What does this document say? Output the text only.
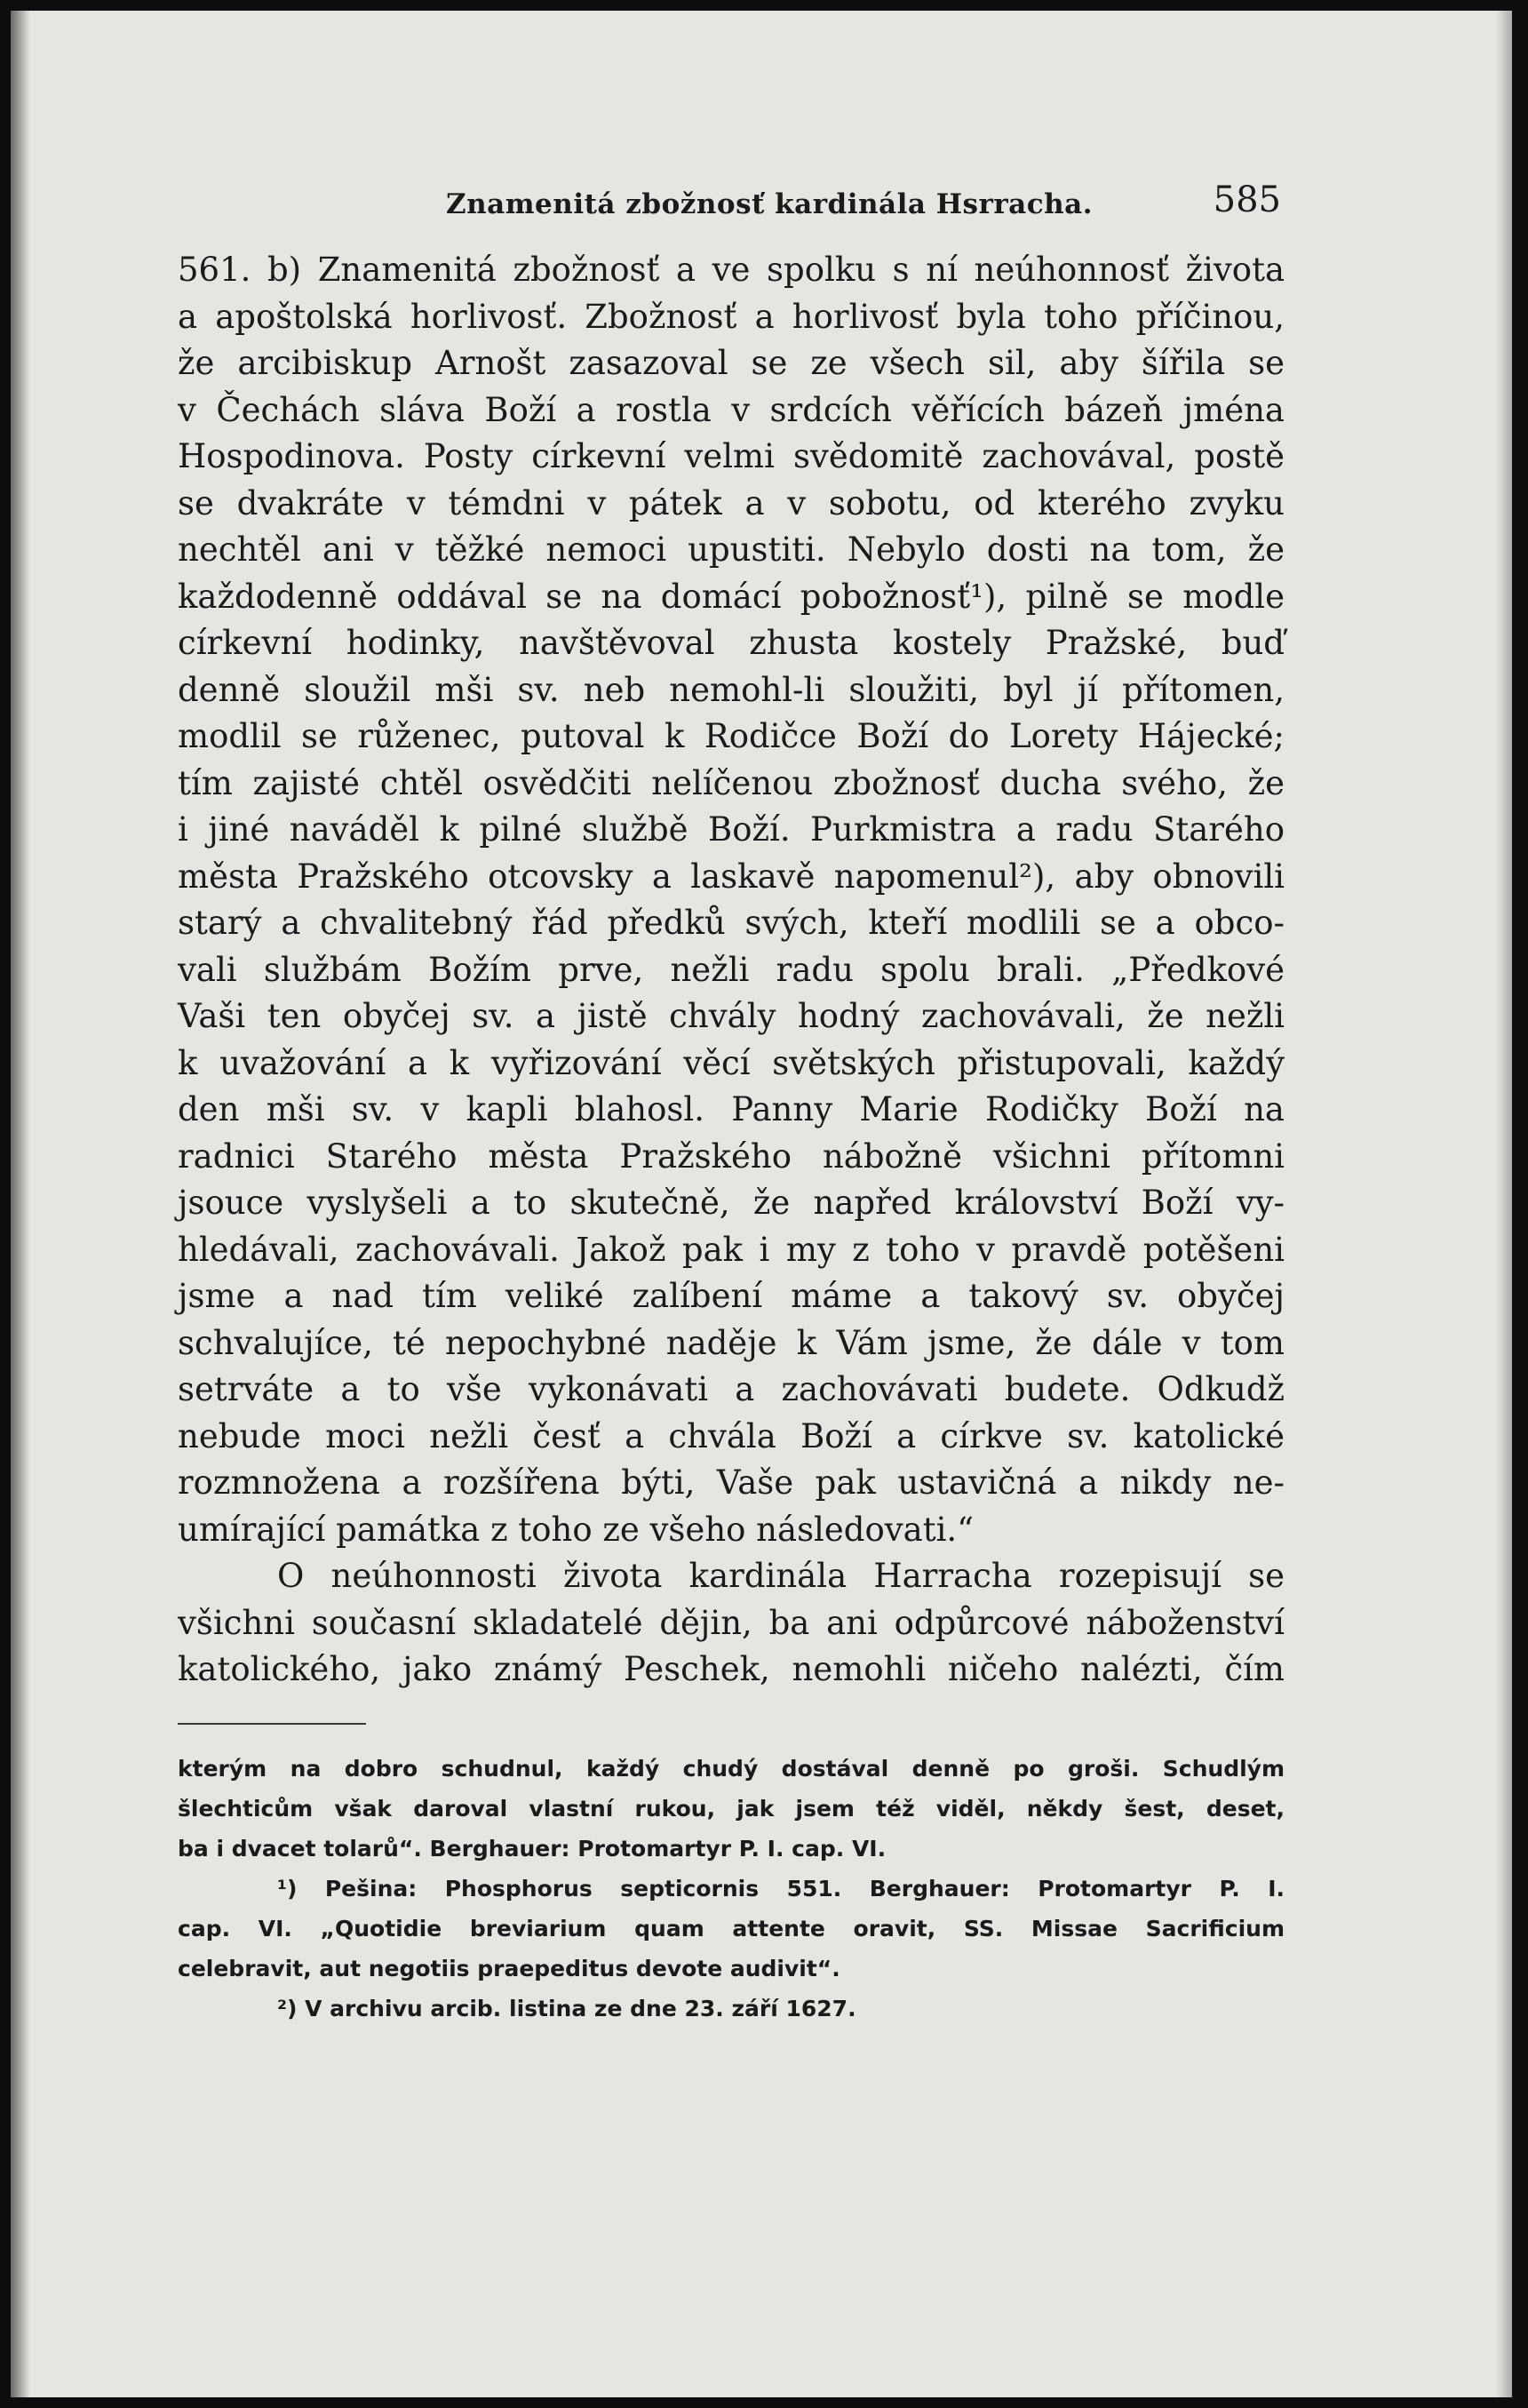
Znamenitá zbožnosť kardinála Hsrracha.	585
561. b) Znamenitá zbožnosť a ve spolku s ní neúhonnosť života
a apoštolská horlivosť. Zbožnosť a horlivosť byla toho příčinou,
že arcibiskup Arnošt zasazoval se ze všech sil, aby šířila se
v Čechách sláva Boží a rostla v srdcích věřících bázeň jména
Hospodinova. Posty církevní velmi svědomitě zachovával, postě
se dvakráte v témdni v pátek a v sobotu, od kterého zvyku
nechtěl ani v těžké nemoci upustiti. Nebylo dosti na tom, že
každodenně oddával se na domácí pobožnosť¹), pilně se modle
církevní hodinky, navštěvoval zhusta kostely Pražské, buď
denně sloužil mši sv. neb nemohl-li sloužiti, byl jí přítomen,
modlil se růženec, putoval k Rodičce Boží do Lorety Hájecké;
tím zajisté chtěl osvědčiti nelíčenou zbožnosť ducha svého, že
i jiné naváděl k pilné službě Boží. Purkmistra a radu Starého
města Pražského otcovsky a laskavě napomenul²), aby obnovili
starý a chvalitebný řád předků svých, kteří modlili se a obco-
vali službám Božím prve, nežli radu spolu brali. „Předkové
Vaši ten obyčej sv. a jistě chvály hodný zachovávali, že nežli
k uvažování a k vyřizování věcí světských přistupovali, každý
den mši sv. v kapli blahosl. Panny Marie Rodičky Boží na
radnici Starého města Pražského nábožně všichni přítomni
jsouce vyslyšeli a to skutečně, že napřed království Boží vy-
hledávali, zachovávali. Jakož pak i my z toho v pravdě potěšeni
jsme a nad tím veliké zalíbení máme a takový sv. obyčej
schvalujíce, té nepochybné naděje k Vám jsme, že dále v tom
setrváte a to vše vykonávati a zachovávati budete. Odkudž
nebude moci nežli česť a chvála Boží a církve sv. katolické
rozmnožena a rozšířena býti, Vaše pak ustavičná a nikdy ne-
umírající památka z toho ze všeho následovati.“
O neúhonnosti života kardinála Harracha rozepisují se
všichni současní skladatelé dějin, ba ani odpůrcové náboženství
katolického, jako známý Peschek, nemohli ničeho nalézti, čím
kterým na dobro schudnul, každý chudý dostával denně po groši. Schudlým
šlechticům však daroval vlastní rukou, jak jsem též viděl, někdy šest, deset,
ba i dvacet tolarů“. Berghauer: Protomartyr P. I. cap. VI.
¹) Pešina: Phosphorus septicornis 551. Berghauer: Protomartyr P. I.
cap. VI. „Quotidie breviarium quam attente oravit, SS. Missae Sacrificium
celebravit, aut negotiis praepeditus devote audivit“.
²) V archivu arcib. listina ze dne 23. září 1627.
